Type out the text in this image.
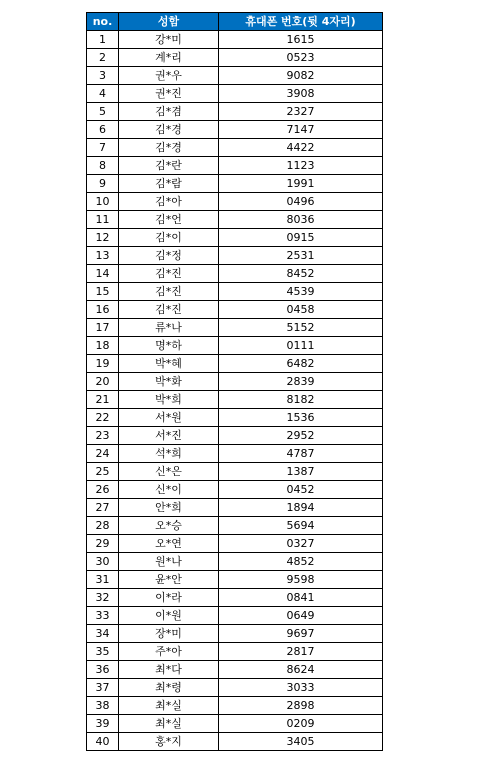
no.	성함	휴대폰 번호(뒷 4자리)
1	강*미	1615
2	계*리	0523
3	권*우	9082
4	권*진	3908
5	김*겸	2327
6	김*경	7147
7	김*경	4422
8	김*란	1123
9	김*람	1991
10	김*아	0496
11	김*언	8036
12	김*이	0915
13	김*정	2531
14	김*진	8452
15	김*진	4539
16	김*진	0458
17	류*나	5152
18	명*하	0111
19	박*혜	6482
20	박*화	2839
21	박*희	8182
22	서*원	1536
23	서*진	2952
24	석*희	4787
25	신*은	1387
26	신*이	0452
27	안*희	1894
28	오*승	5694
29	오*연	0327
30	원*나	4852
31	윤*안	9598
32	이*라	0841
33	이*원	0649
34	장*미	9697
35	주*아	2817
36	최*다	8624
37	최*령	3033
38	최*실	2898
39	최*실	0209
40	홍*지	3405
